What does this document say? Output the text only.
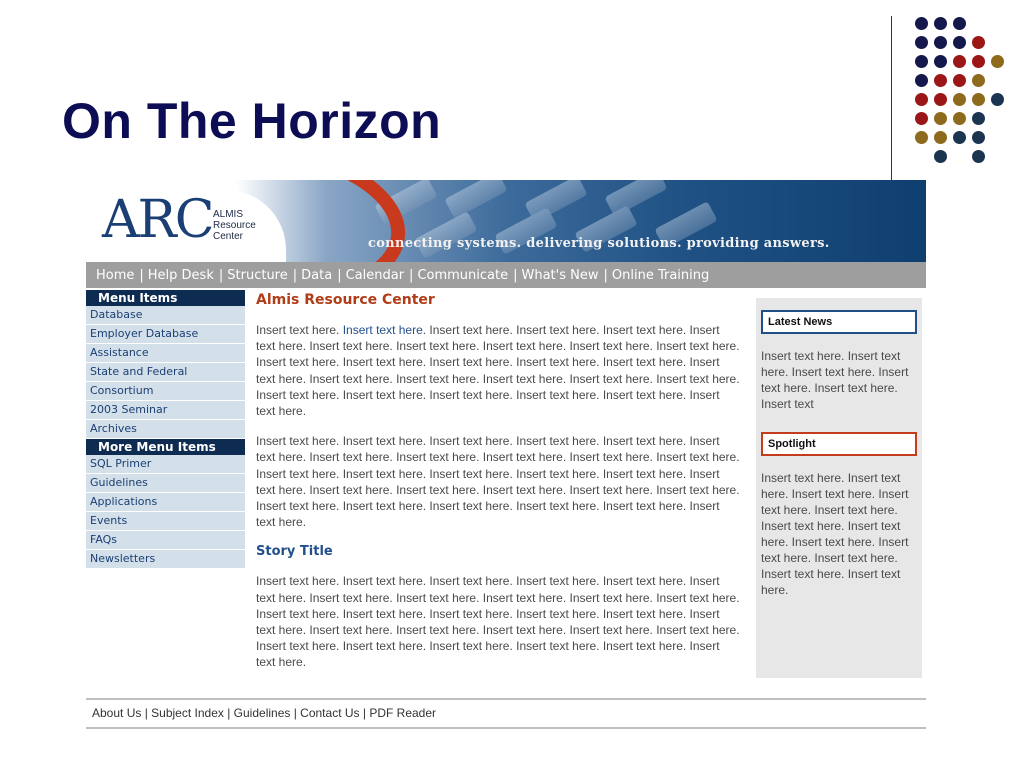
On The Horizon
ARC ALMIS
Resource
Center	connecting systems. delivering solutions. providing answers.
Home | Help Desk | Structure | Data | Calendar | Communicate | What's New | Online Training
Menu Items
Database
Employer Database
Assistance
State and Federal
Consortium
2003 Seminar
Archives
More Menu Items
SQL Primer
Guidelines
Applications
Events
FAQs
Newsletters
Almis Resource Center

Insert text here. Insert text here. Insert text here. Insert text here. Insert text here. Insert text here. Insert text here. Insert text here. Insert text here. Insert text here. Insert text here. Insert text here. Insert text here. Insert text here. Insert text here. Insert text here. Insert text here. Insert text here. Insert text here. Insert text here. Insert text here. Insert text here. Insert text here. Insert text here. Insert text here. Insert text here. Insert text here. Insert text here.

Insert text here. Insert text here. Insert text here. Insert text here. Insert text here. Insert text here. Insert text here. Insert text here. Insert text here. Insert text here. Insert text here. Insert text here. Insert text here. Insert text here. Insert text here. Insert text here. Insert text here. Insert text here. Insert text here. Insert text here. Insert text here. Insert text here. Insert text here. Insert text here. Insert text here. Insert text here. Insert text here. Insert text here.

Story Title

Insert text here. Insert text here. Insert text here. Insert text here. Insert text here. Insert text here. Insert text here. Insert text here. Insert text here. Insert text here. Insert text here. Insert text here. Insert text here. Insert text here. Insert text here. Insert text here. Insert text here. Insert text here. Insert text here. Insert text here. Insert text here. Insert text here. Insert text here. Insert text here. Insert text here. Insert text here. Insert text here. Insert text here.

Latest News
Insert text here. Insert text here. Insert text here. Insert text here. Insert text here. Insert text
Spotlight
Insert text here. Insert text here. Insert text here. Insert text here. Insert text here. Insert text here. Insert text here. Insert text here. Insert text here. Insert text here. Insert text here. Insert text here.
About Us | Subject Index | Guidelines | Contact Us | PDF Reader
